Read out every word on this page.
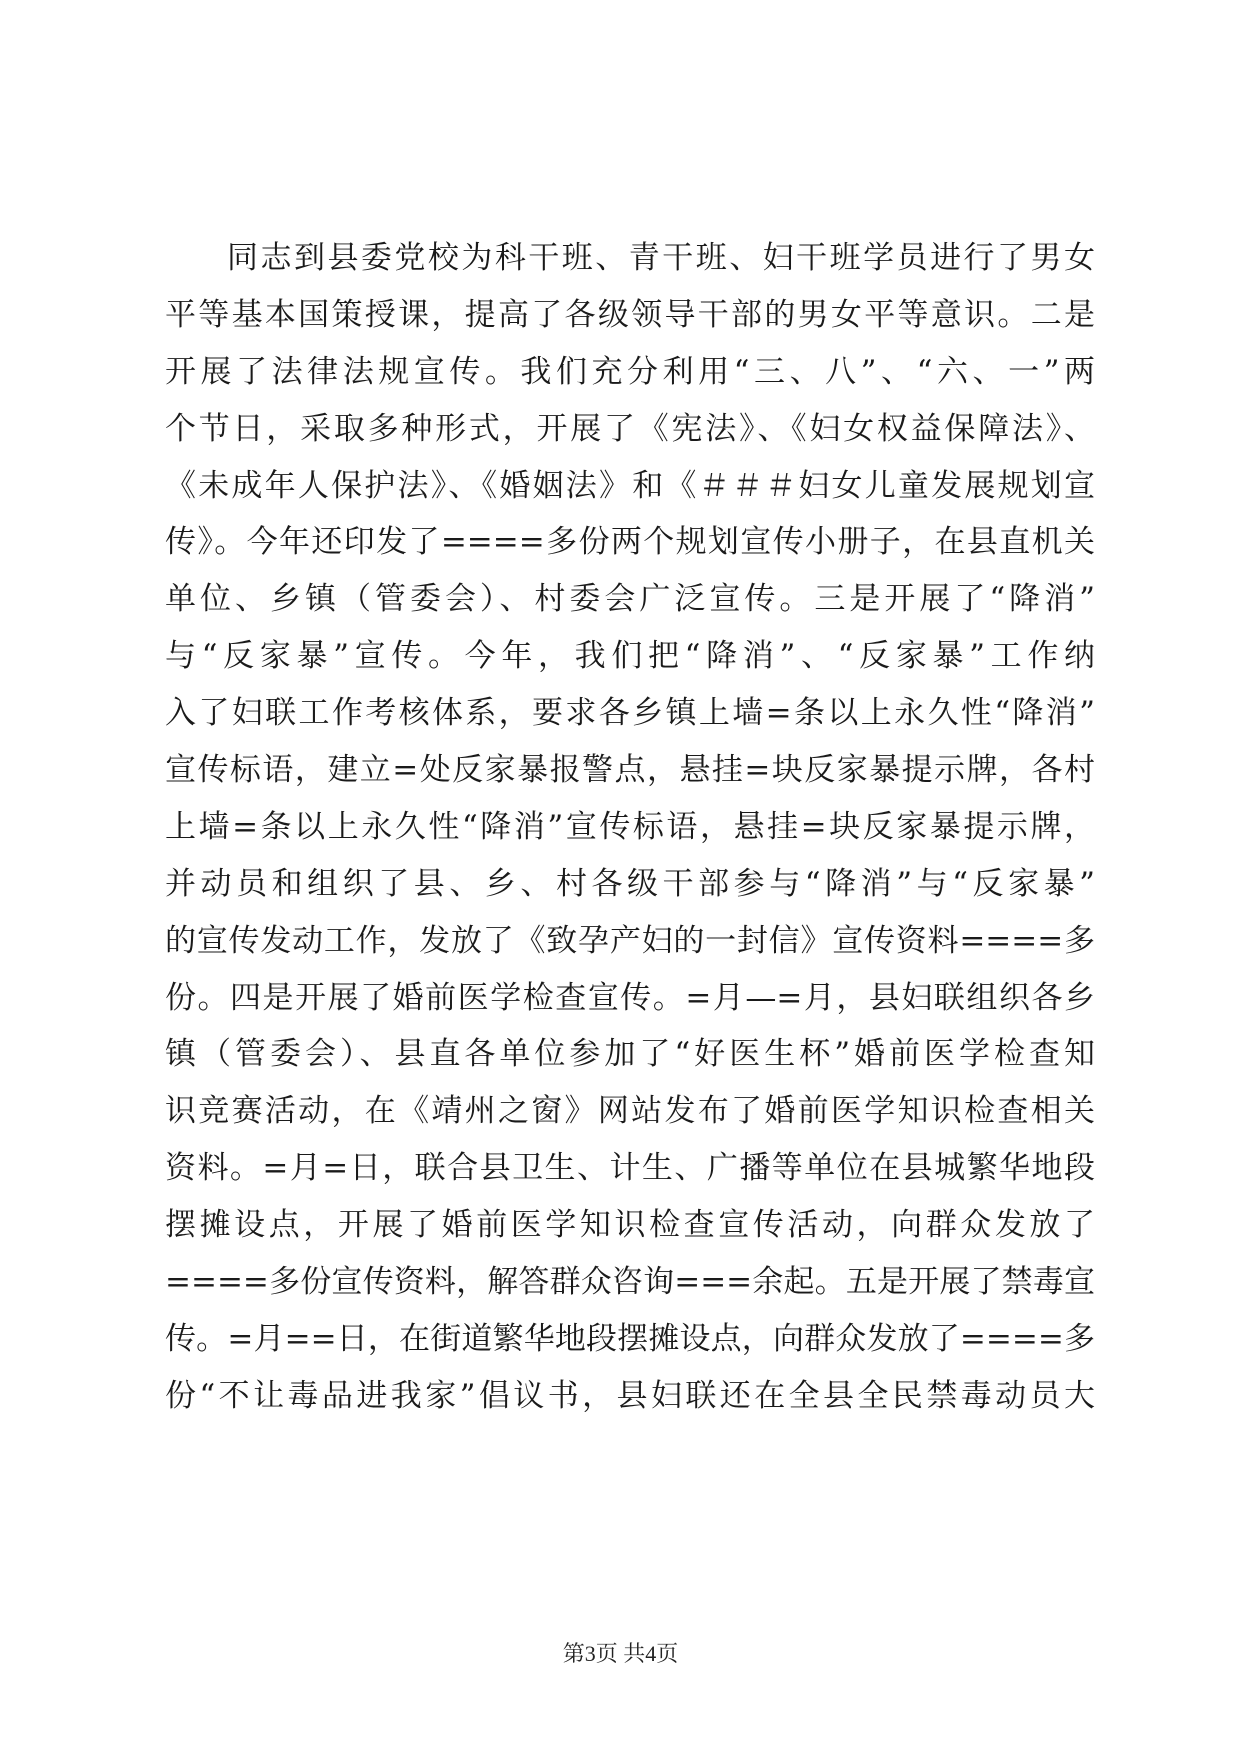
同志到县委党校为科干班、青干班、妇干班学员进行了男女
平等基本国策授课，提高了各级领导干部的男女平等意识。二是
开展了法律法规宣传。我们充分利用“三、八”、“六、一”两
个节日，采取多种形式，开展了《宪法》、《妇女权益保障法》、
《未成年人保护法》、《婚姻法》和《＃＃＃妇女儿童发展规划宣
传》。今年还印发了====多份两个规划宣传小册子，在县直机关
单位、乡镇（管委会）、村委会广泛宣传。三是开展了“降消”
与“反家暴”宣传。今年，我们把“降消”、“反家暴”工作纳
入了妇联工作考核体系，要求各乡镇上墙=条以上永久性“降消”
宣传标语，建立=处反家暴报警点，悬挂=块反家暴提示牌，各村
上墙=条以上永久性“降消”宣传标语，悬挂=块反家暴提示牌，
并动员和组织了县、乡、村各级干部参与“降消”与“反家暴”
的宣传发动工作，发放了《致孕产妇的一封信》宣传资料====多
份。四是开展了婚前医学检查宣传。=月—=月，县妇联组织各乡
镇（管委会）、县直各单位参加了“好医生杯”婚前医学检查知
识竞赛活动，在《靖州之窗》网站发布了婚前医学知识检查相关
资料。=月=日，联合县卫生、计生、广播等单位在县城繁华地段
摆摊设点，开展了婚前医学知识检查宣传活动，向群众发放了
====多份宣传资料，解答群众咨询===余起。五是开展了禁毒宣
传。=月==日，在街道繁华地段摆摊设点，向群众发放了====多
份“不让毒品进我家”倡议书，县妇联还在全县全民禁毒动员大
第3页 共4页
